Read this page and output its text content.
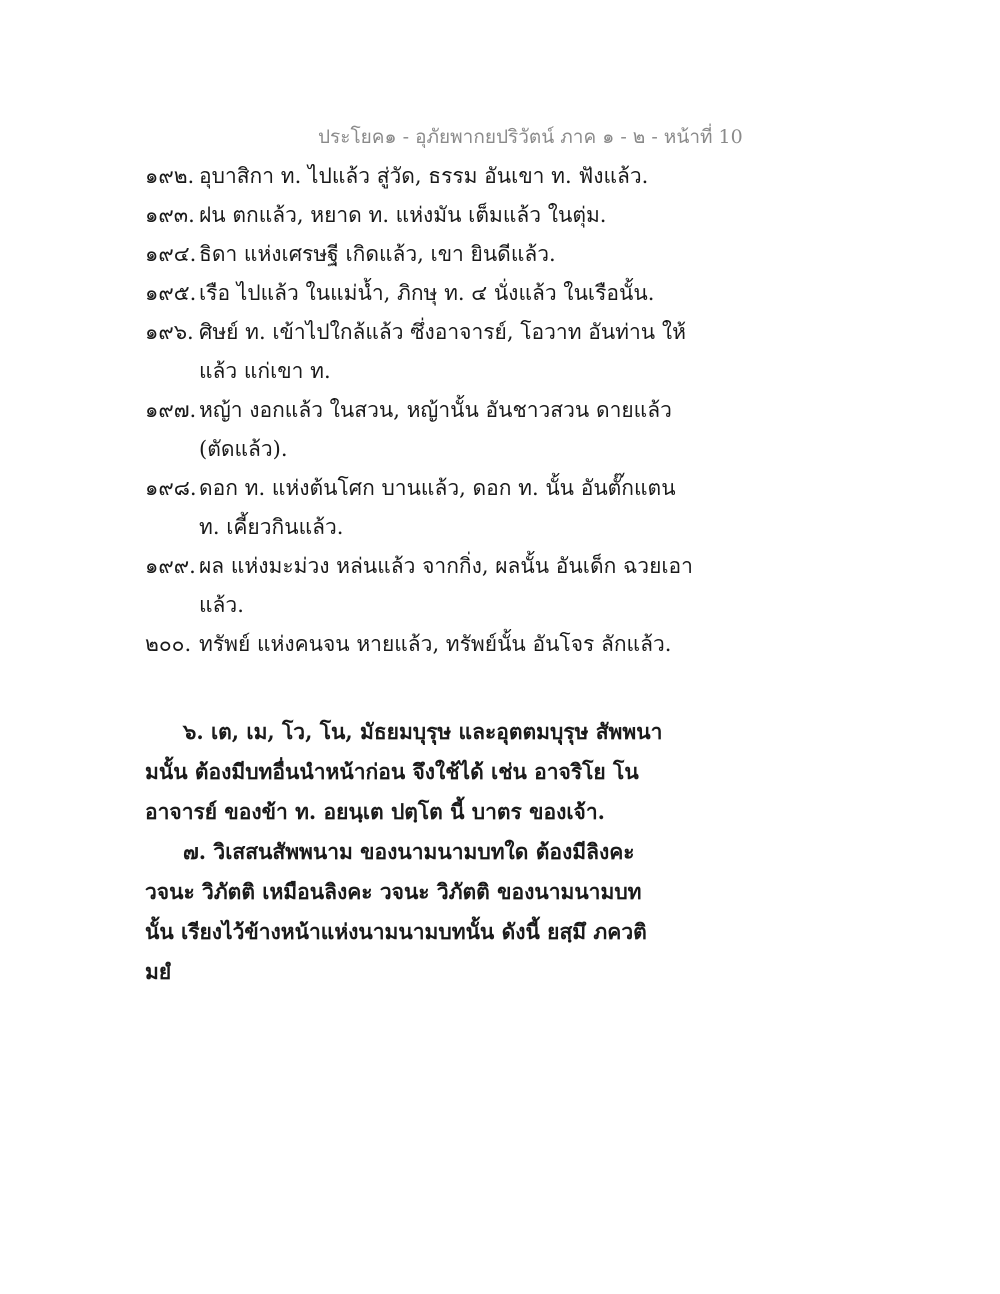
ประโยค๑ - อุภัยพากยปริวัตน์ ภาค ๑ - ๒ - หน้าที่ 10
๑๙๒. อุบาสิกา ท. ไปแล้ว สู่วัด, ธรรม อันเขา ท. ฟังแล้ว.
๑๙๓. ฝน ตกแล้ว, หยาด ท. แห่งมัน เต็มแล้ว ในตุ่ม.
๑๙๔. ธิดา แห่งเศรษฐี เกิดแล้ว, เขา ยินดีแล้ว.
๑๙๕. เรือ ไปแล้ว ในแม่น้ำ, ภิกษุ ท. ๔ นั่งแล้ว ในเรือนั้น.
๑๙๖. ศิษย์ ท. เข้าไปใกล้แล้ว ซึ่งอาจารย์, โอวาท อันท่าน ให้แล้ว แก่เขา ท.
๑๙๗. หญ้า งอกแล้ว ในสวน, หญ้านั้น อันชาวสวน ดายแล้ว (ตัดแล้ว).
๑๙๘. ดอก ท. แห่งต้นโศก บานแล้ว, ดอก ท. นั้น อันตั๊กแตน ท. เคี้ยวกินแล้ว.
๑๙๙. ผล แห่งมะม่วง หล่นแล้ว จากกิ่ง, ผลนั้น อันเด็ก ฉวยเอาแล้ว.
๒๐๐. ทรัพย์ แห่งคนจน หายแล้ว, ทรัพย์นั้น อันโจร ลักแล้ว.

๖. เต, เม, โว, โน, มัธยมบุรุษ และอุตตมบุรุษ สัพพนามนั้น ต้องมีบทอื่นนำหน้าก่อน จึงใช้ได้ เช่น อาจริโย โน อาจารย์ ของข้า ท. อยนฺเต ปตฺโต นี้ บาตร ของเจ้า.

๗. วิเสสนสัพพนาม ของนามนามบทใด ต้องมีลิงคะ วจนะ วิภัตติ เหมือนลิงคะ วจนะ วิภัตติ ของนามนามบทนั้น เรียงไว้ข้างหน้าแห่งนามนามบทนั้น ดังนี้ ยสฺมึ ภควติ มยํ
